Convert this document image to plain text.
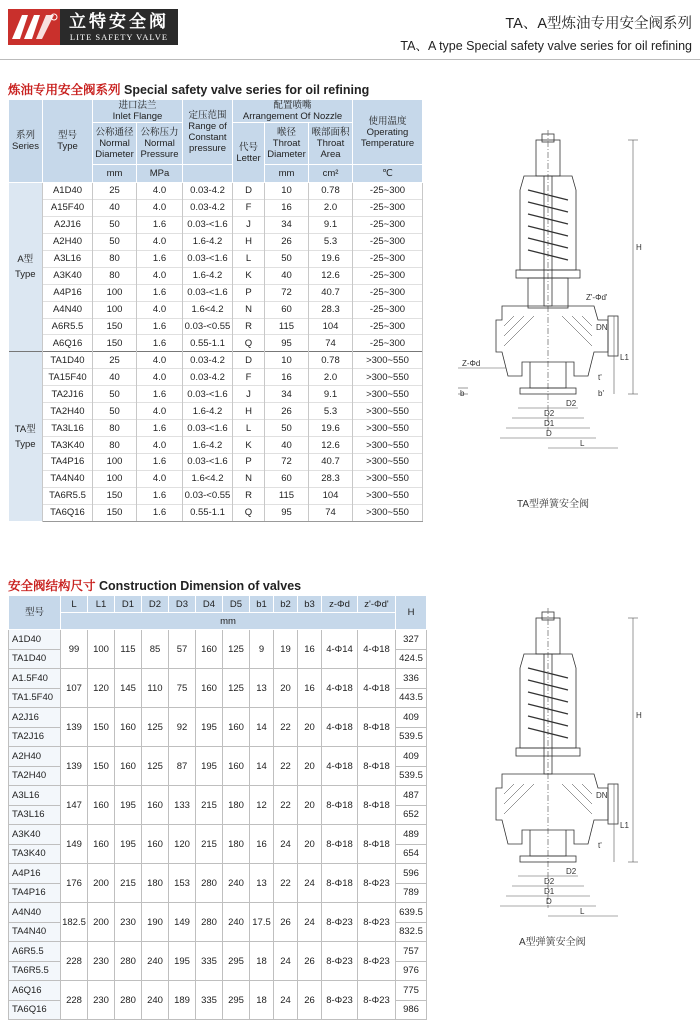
立特安全阀
LITE SAFETY VALVE
TA、A型炼油专用安全阀系列
TA、A type Special safety valve series for oil refining
炼油专用安全阀系列 Special safety valve series for oil refining
系列
Series	型号
Type	进口法兰
Inlet Flange		定压范围
Range of Constant pressure	配置喷嘴
Arrangement Of Nozzle			使用温度
Operating Temperature
		公称通径
Normal Diameter	公称压力
Normal Pressure		代号
Letter	喉径
Throat Diameter	喉部面积
Throat Area	
		mm	MPa			mm	cm²	℃

A型
Type	A1D40	25	4.0	0.03-4.2	D	10	0.78	-25~300
	A15F40	40	4.0	0.03-4.2	F	16	2.0	-25~300
	A2J16	50	1.6	0.03-<1.6	J	34	9.1	-25~300
	A2H40	50	4.0	1.6-4.2	H	26	5.3	-25~300
	A3L16	80	1.6	0.03-<1.6	L	50	19.6	-25~300
	A3K40	80	4.0	1.6-4.2	K	40	12.6	-25~300
	A4P16	100	1.6	0.03-<1.6	P	72	40.7	-25~300
	A4N40	100	4.0	1.6<4.2	N	60	28.3	-25~300
	A6R5.5	150	1.6	0.03-<0.55	R	115	104	-25~300
	A6Q16	150	1.6	0.55-1.1	Q	95	74	-25~300

TA型
Type	TA1D40	25	4.0	0.03-4.2	D	10	0.78	>300~550
	TA15F40	40	4.0	0.03-4.2	F	16	2.0	>300~550
	TA2J16	50	1.6	0.03-<1.6	J	34	9.1	>300~550
	TA2H40	50	4.0	1.6-4.2	H	26	5.3	>300~550
	TA3L16	80	1.6	0.03-<1.6	L	50	19.6	>300~550
	TA3K40	80	4.0	1.6-4.2	K	40	12.6	>300~550
	TA4P16	100	1.6	0.03-<1.6	P	72	40.7	>300~550
	TA4N40	100	4.0	1.6<4.2	N	60	28.3	>300~550
	TA6R5.5	150	1.6	0.03-<0.55	R	115	104	>300~550
	TA6Q16	150	1.6	0.55-1.1	Q	95	74	>300~550
安全阀结构尺寸 Construction Dimension of valves
型号	L	L1	D1	D2	D3	D4	D5	b1	b2	b3	z-Φd	z'-Φd'	H
	mm												
A1D40	99	100	115	85	57	160	125	9	19	16	4-Φ14	4-Φ18	327
TA1D40													424.5
A1.5F40	107	120	145	110	75	160	125	13	20	16	4-Φ18	4-Φ18	336
TA1.5F40													443.5
A2J16	139	150	160	125	92	195	160	14	22	20	4-Φ18	8-Φ18	409
TA2J16													539.5
A2H40	139	150	160	125	87	195	160	14	22	20	4-Φ18	8-Φ18	409
TA2H40													539.5
A3L16	147	160	195	160	133	215	180	12	22	20	8-Φ18	8-Φ18	487
TA3L16													652
A3K40	149	160	195	160	120	215	180	16	24	20	8-Φ18	8-Φ18	489
TA3K40													654
A4P16	176	200	215	180	153	280	240	13	22	24	8-Φ18	8-Φ23	596
TA4P16													789
A4N40	182.5	200	230	190	149	280	240	17.5	26	24	8-Φ23	8-Φ23	639.5
TA4N40													832.5
A6R5.5	228	230	280	240	195	335	295	18	24	26	8-Φ23	8-Φ23	757
TA6R5.5													976
A6Q16	228	230	280	240	189	335	295	18	24	26	8-Φ23	8-Φ23	775
TA6Q16													986
H
D2
D2
D1
D
L
L1
DN
Z-Φd
Z'-Φd'
b	b'
t'
TA型弹簧安全阀
H
D2
D2
D1
D
L
L1
DN
t'
A型弹簧安全阀
